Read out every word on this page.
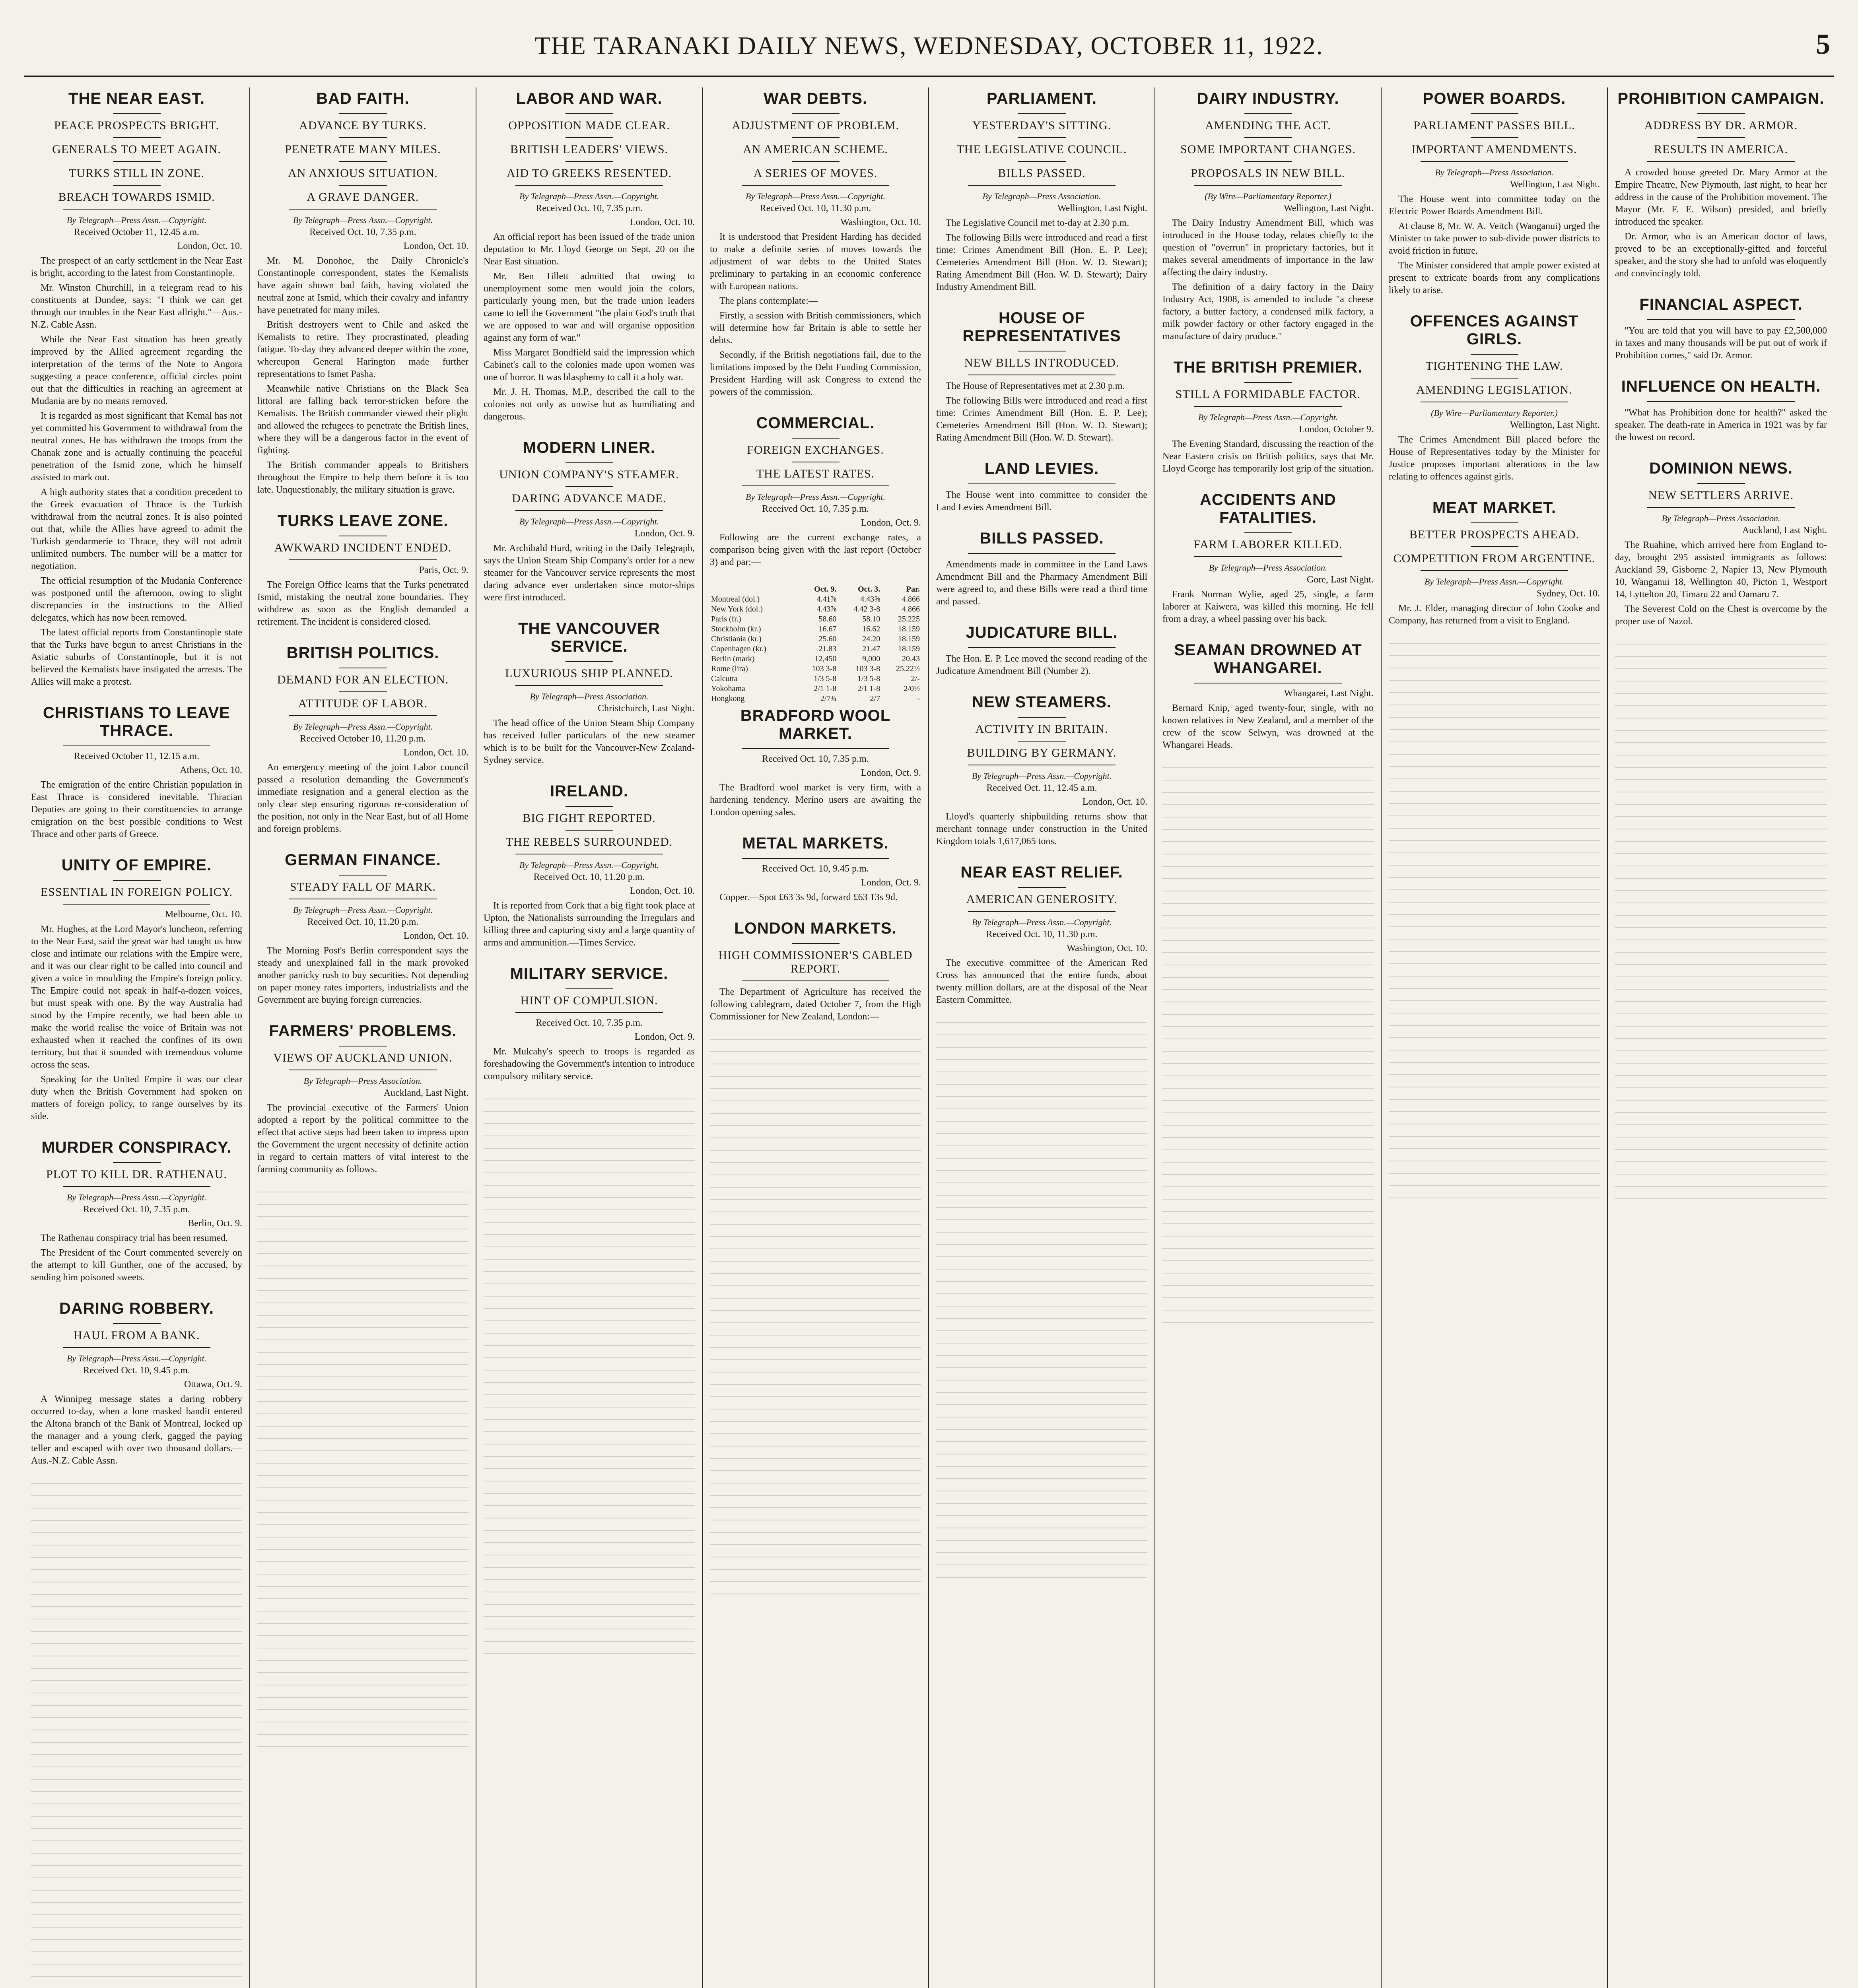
THE TARANAKI DAILY NEWS, WEDNESDAY, OCTOBER 11, 1922.	5
THE NEAR EAST.
PEACE PROSPECTS BRIGHT.
GENERALS TO MEET AGAIN.
TURKS STILL IN ZONE.
BREACH TOWARDS ISMID.
By Telegraph—Press Assn.—Copyright.
Received October 11, 12.45 a.m.
London, Oct. 10.

The prospect of an early settlement in the Near East is bright, according to the latest from Constantinople.

Mr. Winston Churchill, in a telegram read to his constituents at Dundee, says: "I think we can get through our troubles in the Near East allright."—Aus.-N.Z. Cable Assn.

While the Near East situation has been greatly improved by the Allied agreement regarding the interpretation of the terms of the Note to Angora suggesting a peace conference, official circles point out that the difficulties in reaching an agreement at Mudania are by no means removed.

It is regarded as most significant that Kemal has not yet committed his Government to withdrawal from the neutral zones. He has withdrawn the troops from the Chanak zone and is actually continuing the peaceful penetration of the Ismid zone, which he himself assisted to mark out.

A high authority states that a condition precedent to the Greek evacuation of Thrace is the Turkish withdrawal from the neutral zones. It is also pointed out that, while the Allies have agreed to admit the Turkish gendarmerie to Thrace, they will not admit unlimited numbers. The number will be a matter for negotiation.

The official resumption of the Mudania Conference was postponed until the afternoon, owing to slight discrepancies in the instructions to the Allied delegates, which has now been removed.

The latest official reports from Constantinople state that the Turks have begun to arrest Christians in the Asiatic suburbs of Constantinople, but it is not believed the Kemalists have instigated the arrests. The Allies will make a protest.

CHRISTIANS TO LEAVE THRACE.
Received October 11, 12.15 a.m.
Athens, Oct. 10.

The emigration of the entire Christian population in East Thrace is considered inevitable. Thracian Deputies are going to their constituencies to arrange emigration on the best possible conditions to West Thrace and other parts of Greece.

UNITY OF EMPIRE.
ESSENTIAL IN FOREIGN POLICY.
Melbourne, Oct. 10.

Mr. Hughes, at the Lord Mayor's luncheon, referring to the Near East, said the great war had taught us how close and intimate our relations with the Empire were, and it was our clear right to be called into council and given a voice in moulding the Empire's foreign policy. The Empire could not speak in half-a-dozen voices, but must speak with one. By the way Australia had stood by the Empire recently, we had been able to make the world realise the voice of Britain was not exhausted when it reached the confines of its own territory, but that it sounded with tremendous volume across the seas.

Speaking for the United Empire it was our clear duty when the British Government had spoken on matters of foreign policy, to range ourselves by its side.

MURDER CONSPIRACY.
PLOT TO KILL DR. RATHENAU.
By Telegraph—Press Assn.—Copyright.
Received Oct. 10, 7.35 p.m.
Berlin, Oct. 9.

The Rathenau conspiracy trial has been resumed.

The President of the Court commented severely on the attempt to kill Gunther, one of the accused, by sending him poisoned sweets.

DARING ROBBERY.
HAUL FROM A BANK.
By Telegraph—Press Assn.—Copyright.
Received Oct. 10, 9.45 p.m.
Ottawa, Oct. 9.

A Winnipeg message states a daring robbery occurred to-day, when a lone masked bandit entered the Altona branch of the Bank of Montreal, locked up the manager and a young clerk, gagged the paying teller and escaped with over two thousand dollars.—Aus.-N.Z. Cable Assn.

BAD FAITH.
ADVANCE BY TURKS.
PENETRATE MANY MILES.
AN ANXIOUS SITUATION.
A GRAVE DANGER.
By Telegraph—Press Assn.—Copyright.
Received Oct. 10, 7.35 p.m.
London, Oct. 10.

Mr. M. Donohoe, the Daily Chronicle's Constantinople correspondent, states the Kemalists have again shown bad faith, having violated the neutral zone at Ismid, which their cavalry and infantry have penetrated for many miles.

British destroyers went to Chile and asked the Kemalists to retire. They procrastinated, pleading fatigue. To-day they advanced deeper within the zone, whereupon General Harington made further representations to Ismet Pasha.

Meanwhile native Christians on the Black Sea littoral are falling back terror-stricken before the Kemalists. The British commander viewed their plight and allowed the refugees to penetrate the British lines, where they will be a dangerous factor in the event of fighting.

The British commander appeals to Britishers throughout the Empire to help them before it is too late. Unquestionably, the military situation is grave.

TURKS LEAVE ZONE.
AWKWARD INCIDENT ENDED.
Paris, Oct. 9.

The Foreign Office learns that the Turks penetrated Ismid, mistaking the neutral zone boundaries. They withdrew as soon as the English demanded a retirement. The incident is considered closed.

BRITISH POLITICS.
DEMAND FOR AN ELECTION.
ATTITUDE OF LABOR.
By Telegraph—Press Assn.—Copyright.
Received October 10, 11.20 p.m.
London, Oct. 10.

An emergency meeting of the joint Labor council passed a resolution demanding the Government's immediate resignation and a general election as the only clear step ensuring rigorous re-consideration of the position, not only in the Near East, but of all Home and foreign problems.

GERMAN FINANCE.
STEADY FALL OF MARK.
By Telegraph—Press Assn.—Copyright.
Received Oct. 10, 11.20 p.m.
London, Oct. 10.

The Morning Post's Berlin correspondent says the steady and unexplained fall in the mark provoked another panicky rush to buy securities. Not depending on paper money rates importers, industrialists and the Government are buying foreign currencies.

FARMERS' PROBLEMS.
VIEWS OF AUCKLAND UNION.
By Telegraph—Press Association.
Auckland, Last Night.

The provincial executive of the Farmers' Union adopted a report by the political committee to the effect that active steps had been taken to impress upon the Government the urgent necessity of definite action in regard to certain matters of vital interest to the farming community as follows.

LABOR AND WAR.
OPPOSITION MADE CLEAR.
BRITISH LEADERS' VIEWS.
AID TO GREEKS RESENTED.
By Telegraph—Press Assn.—Copyright.
Received Oct. 10, 7.35 p.m.
London, Oct. 10.

An official report has been issued of the trade union deputation to Mr. Lloyd George on Sept. 20 on the Near East situation.

Mr. Ben Tillett admitted that owing to unemployment some men would join the colors, particularly young men, but the trade union leaders came to tell the Government "the plain God's truth that we are opposed to war and will organise opposition against any form of war."

Miss Margaret Bondfield said the impression which Cabinet's call to the colonies made upon women was one of horror. It was blasphemy to call it a holy war.

Mr. J. H. Thomas, M.P., described the call to the colonies not only as unwise but as humiliating and dangerous.

MODERN LINER.
UNION COMPANY'S STEAMER.
DARING ADVANCE MADE.
By Telegraph—Press Assn.—Copyright.
London, Oct. 9.

Mr. Archibald Hurd, writing in the Daily Telegraph, says the Union Steam Ship Company's order for a new steamer for the Vancouver service represents the most daring advance ever undertaken since motor-ships were first introduced.

THE VANCOUVER SERVICE.
LUXURIOUS SHIP PLANNED.
By Telegraph—Press Association.
Christchurch, Last Night.

The head office of the Union Steam Ship Company has received fuller particulars of the new steamer which is to be built for the Vancouver-New Zealand-Sydney service.

IRELAND.
BIG FIGHT REPORTED.
THE REBELS SURROUNDED.
By Telegraph—Press Assn.—Copyright.
Received Oct. 10, 11.20 p.m.
London, Oct. 10.

It is reported from Cork that a big fight took place at Upton, the Nationalists surrounding the Irregulars and killing three and capturing sixty and a large quantity of arms and ammunition.—Times Service.

MILITARY SERVICE.
HINT OF COMPULSION.
Received Oct. 10, 7.35 p.m.
London, Oct. 9.

Mr. Mulcahy's speech to troops is regarded as foreshadowing the Government's intention to introduce compulsory military service.

WAR DEBTS.
ADJUSTMENT OF PROBLEM.
AN AMERICAN SCHEME.
A SERIES OF MOVES.
By Telegraph—Press Assn.—Copyright.
Received Oct. 10, 11.30 p.m.
Washington, Oct. 10.

It is understood that President Harding has decided to make a definite series of moves towards the adjustment of war debts to the United States preliminary to partaking in an economic conference with European nations.

The plans contemplate:—

Firstly, a session with British commissioners, which will determine how far Britain is able to settle her debts.

Secondly, if the British negotiations fail, due to the limitations imposed by the Debt Funding Commission, President Harding will ask Congress to extend the powers of the commission.

COMMERCIAL.
FOREIGN EXCHANGES.
THE LATEST RATES.
By Telegraph—Press Assn.—Copyright.
Received Oct. 10, 7.35 p.m.
London, Oct. 9.

Following are the current exchange rates, a comparison being given with the last report (October 3) and par:—

	Oct. 9.	Oct. 3.	Par.
Montreal (dol.)	4.41⅞	4.43⅝	4.866
New York (dol.)	4.43⅞	4.42 3-8	4.866
Paris (fr.)	58.60	58.10	25.225
Stockholm (kr.)	16.67	16.62	18.159
Christiania (kr.)	25.60	24.20	18.159
Copenhagen (kr.)	21.83	21.47	18.159
Berlin (mark)	12,450	9,000	20.43
Rome (lira)	103 3-8	103 3-8	25.22½
Calcutta	1/3 5-8	1/3 5-8	2/-
Yokohama	2/1 1-8	2/1 1-8	2/0½
Hongkong	2/7¾	2/7	-
BRADFORD WOOL MARKET.
Received Oct. 10, 7.35 p.m.
London, Oct. 9.

The Bradford wool market is very firm, with a hardening tendency. Merino users are awaiting the London opening sales.

METAL MARKETS.
Received Oct. 10, 9.45 p.m.
London, Oct. 9.

Copper.—Spot £63 3s 9d, forward £63 13s 9d.

LONDON MARKETS.
HIGH COMMISSIONER'S CABLED REPORT.

The Department of Agriculture has received the following cablegram, dated October 7, from the High Commissioner for New Zealand, London:—

PARLIAMENT.
YESTERDAY'S SITTING.
THE LEGISLATIVE COUNCIL.
BILLS PASSED.
By Telegraph—Press Association.
Wellington, Last Night.

The Legislative Council met to-day at 2.30 p.m.

The following Bills were introduced and read a first time: Crimes Amendment Bill (Hon. E. P. Lee); Cemeteries Amendment Bill (Hon. W. D. Stewart); Rating Amendment Bill (Hon. W. D. Stewart); Dairy Industry Amendment Bill.

HOUSE OF REPRESENTATIVES
NEW BILLS INTRODUCED.

The House of Representatives met at 2.30 p.m.

The following Bills were introduced and read a first time: Crimes Amendment Bill (Hon. E. P. Lee); Cemeteries Amendment Bill (Hon. W. D. Stewart); Rating Amendment Bill (Hon. W. D. Stewart).

LAND LEVIES.

The House went into committee to consider the Land Levies Amendment Bill.

BILLS PASSED.

Amendments made in committee in the Land Laws Amendment Bill and the Pharmacy Amendment Bill were agreed to, and these Bills were read a third time and passed.

JUDICATURE BILL.

The Hon. E. P. Lee moved the second reading of the Judicature Amendment Bill (Number 2).

NEW STEAMERS.
ACTIVITY IN BRITAIN.
BUILDING BY GERMANY.
By Telegraph—Press Assn.—Copyright.
Received Oct. 11, 12.45 a.m.
London, Oct. 10.

Lloyd's quarterly shipbuilding returns show that merchant tonnage under construction in the United Kingdom totals 1,617,065 tons.

NEAR EAST RELIEF.
AMERICAN GENEROSITY.
By Telegraph—Press Assn.—Copyright.
Received Oct. 10, 11.30 p.m.
Washington, Oct. 10.

The executive committee of the American Red Cross has announced that the entire funds, about twenty million dollars, are at the disposal of the Near Eastern Committee.

DAIRY INDUSTRY.
AMENDING THE ACT.
SOME IMPORTANT CHANGES.
PROPOSALS IN NEW BILL.
(By Wire—Parliamentary Reporter.)
Wellington, Last Night.

The Dairy Industry Amendment Bill, which was introduced in the House today, relates chiefly to the question of "overrun" in proprietary factories, but it makes several amendments of importance in the law affecting the dairy industry.

The definition of a dairy factory in the Dairy Industry Act, 1908, is amended to include "a cheese factory, a butter factory, a condensed milk factory, a milk powder factory or other factory engaged in the manufacture of dairy produce."

THE BRITISH PREMIER.
STILL A FORMIDABLE FACTOR.
By Telegraph—Press Assn.—Copyright.
London, October 9.

The Evening Standard, discussing the reaction of the Near Eastern crisis on British politics, says that Mr. Lloyd George has temporarily lost grip of the situation.

ACCIDENTS AND FATALITIES.
FARM LABORER KILLED.
By Telegraph—Press Association.
Gore, Last Night.

Frank Norman Wylie, aged 25, single, a farm laborer at Kaiwera, was killed this morning. He fell from a dray, a wheel passing over his back.

SEAMAN DROWNED AT WHANGAREI.
Whangarei, Last Night.

Bernard Knip, aged twenty-four, single, with no known relatives in New Zealand, and a member of the crew of the scow Selwyn, was drowned at the Whangarei Heads.

POWER BOARDS.
PARLIAMENT PASSES BILL.
IMPORTANT AMENDMENTS.
By Telegraph—Press Association.
Wellington, Last Night.

The House went into committee today on the Electric Power Boards Amendment Bill.

At clause 8, Mr. W. A. Veitch (Wanganui) urged the Minister to take power to sub-divide power districts to avoid friction in future.

The Minister considered that ample power existed at present to extricate boards from any complications likely to arise.

OFFENCES AGAINST GIRLS.
TIGHTENING THE LAW.
AMENDING LEGISLATION.
(By Wire—Parliamentary Reporter.)
Wellington, Last Night.

The Crimes Amendment Bill placed before the House of Representatives today by the Minister for Justice proposes important alterations in the law relating to offences against girls.

MEAT MARKET.
BETTER PROSPECTS AHEAD.
COMPETITION FROM ARGENTINE.
By Telegraph—Press Assn.—Copyright.
Sydney, Oct. 10.

Mr. J. Elder, managing director of John Cooke and Company, has returned from a visit to England.

PROHIBITION CAMPAIGN.
ADDRESS BY DR. ARMOR.
RESULTS IN AMERICA.

A crowded house greeted Dr. Mary Armor at the Empire Theatre, New Plymouth, last night, to hear her address in the cause of the Prohibition movement. The Mayor (Mr. F. E. Wilson) presided, and briefly introduced the speaker.

Dr. Armor, who is an American doctor of laws, proved to be an exceptionally-gifted and forceful speaker, and the story she had to unfold was eloquently and convincingly told.

FINANCIAL ASPECT.

"You are told that you will have to pay £2,500,000 in taxes and many thousands will be put out of work if Prohibition comes," said Dr. Armor.

INFLUENCE ON HEALTH.

"What has Prohibition done for health?" asked the speaker. The death-rate in America in 1921 was by far the lowest on record.

DOMINION NEWS.
NEW SETTLERS ARRIVE.
By Telegraph—Press Association.
Auckland, Last Night.

The Ruahine, which arrived here from England to-day, brought 295 assisted immigrants as follows: Auckland 59, Gisborne 2, Napier 13, New Plymouth 10, Wanganui 18, Wellington 40, Picton 1, Westport 14, Lyttelton 20, Timaru 22 and Oamaru 7.

The Severest Cold on the Chest is overcome by the proper use of Nazol.
